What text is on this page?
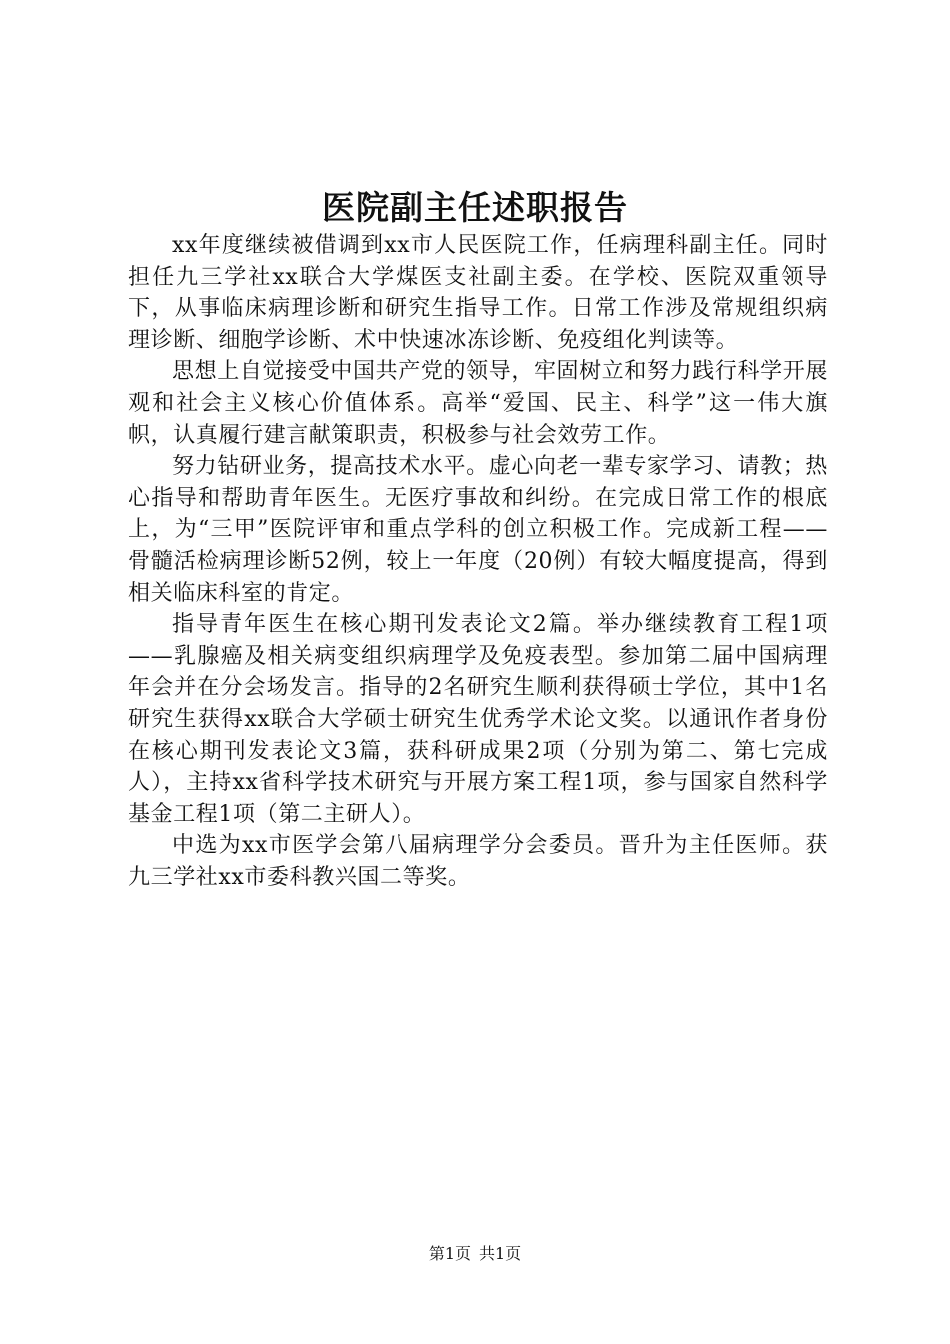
医院副主任述职报告

xx年度继续被借调到xx市人民医院工作，任病理科副主任。同时担任九三学社xx联合大学煤医支社副主委。在学校、医院双重领导下，从事临床病理诊断和研究生指导工作。日常工作涉及常规组织病理诊断、细胞学诊断、术中快速冰冻诊断、免疫组化判读等。

思想上自觉接受中国共产党的领导，牢固树立和努力践行科学开展观和社会主义核心价值体系。高举“爱国、民主、科学”这一伟大旗帜，认真履行建言献策职责，积极参与社会效劳工作。

努力钻研业务，提高技术水平。虚心向老一辈专家学习、请教；热心指导和帮助青年医生。无医疗事故和纠纷。在完成日常工作的根底上，为“三甲”医院评审和重点学科的创立积极工作。完成新工程——骨髓活检病理诊断52例，较上一年度（20例）有较大幅度提高，得到相关临床科室的肯定。

指导青年医生在核心期刊发表论文2篇。举办继续教育工程1项——乳腺癌及相关病变组织病理学及免疫表型。参加第二届中国病理年会并在分会场发言。指导的2名研究生顺利获得硕士学位，其中1名研究生获得xx联合大学硕士研究生优秀学术论文奖。以通讯作者身份在核心期刊发表论文3篇，获科研成果2项（分别为第二、第七完成人），主持xx省科学技术研究与开展方案工程1项，参与国家自然科学基金工程1项（第二主研人）。

中选为xx市医学会第八届病理学分会委员。晋升为主任医师。获九三学社xx市委科教兴国二等奖。

第1页 共1页
